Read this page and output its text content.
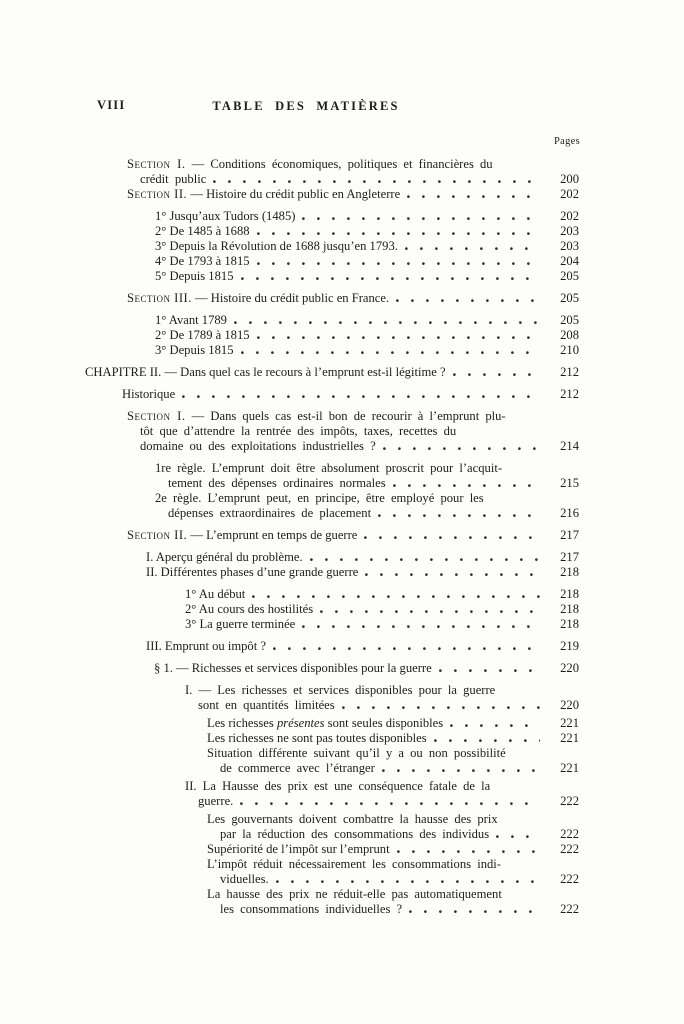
VIII	TABLE DES MATIÈRES
Pages
Section I. — Conditions économiques, politiques et financières du
crédit public	200
Section II. — Histoire du crédit public en Angleterre	202
1° Jusqu’aux Tudors (1485)	202
2° De 1485 à 1688	203
3° Depuis la Révolution de 1688 jusqu’en 1793.	203
4° De 1793 à 1815	204
5° Depuis 1815	205
Section III. — Histoire du crédit public en France.	205
1° Avant 1789	205
2° De 1789 à 1815	208
3° Depuis 1815	210
CHAPITRE II. — Dans quel cas le recours à l’emprunt est-il légitime ?	212
Historique	212
Section I. — Dans quels cas est-il bon de recourir à l’emprunt plu-
tôt que d’attendre la rentrée des impôts, taxes, recettes du
domaine ou des exploitations industrielles ?	214
1re règle. L’emprunt doit être absolument proscrit pour l’acquit-
tement des dépenses ordinaires normales	215
2e règle. L’emprunt peut, en principe, être employé pour les
dépenses extraordinaires de placement	216
Section II. — L’emprunt en temps de guerre	217
I. Aperçu général du problème.	217
II. Différentes phases d’une grande guerre	218
1° Au début	218
2° Au cours des hostilités	218
3° La guerre terminée	218
III. Emprunt ou impôt ?	219
§ 1. — Richesses et services disponibles pour la guerre	220
I. — Les richesses et services disponibles pour la guerre
sont en quantités limitées	220
Les richesses présentes sont seules disponibles	221
Les richesses ne sont pas toutes disponibles	221
Situation différente suivant qu’il y a ou non possibilité
de commerce avec l’étranger	221
II. La Hausse des prix est une conséquence fatale de la
guerre.	222
Les gouvernants doivent combattre la hausse des prix
par la réduction des consommations des individus	222
Supériorité de l’impôt sur l’emprunt	222
L’impôt réduit nécessairement les consommations indi-
viduelles.	222
La hausse des prix ne réduit-elle pas automatiquement
les consommations individuelles ?	222
